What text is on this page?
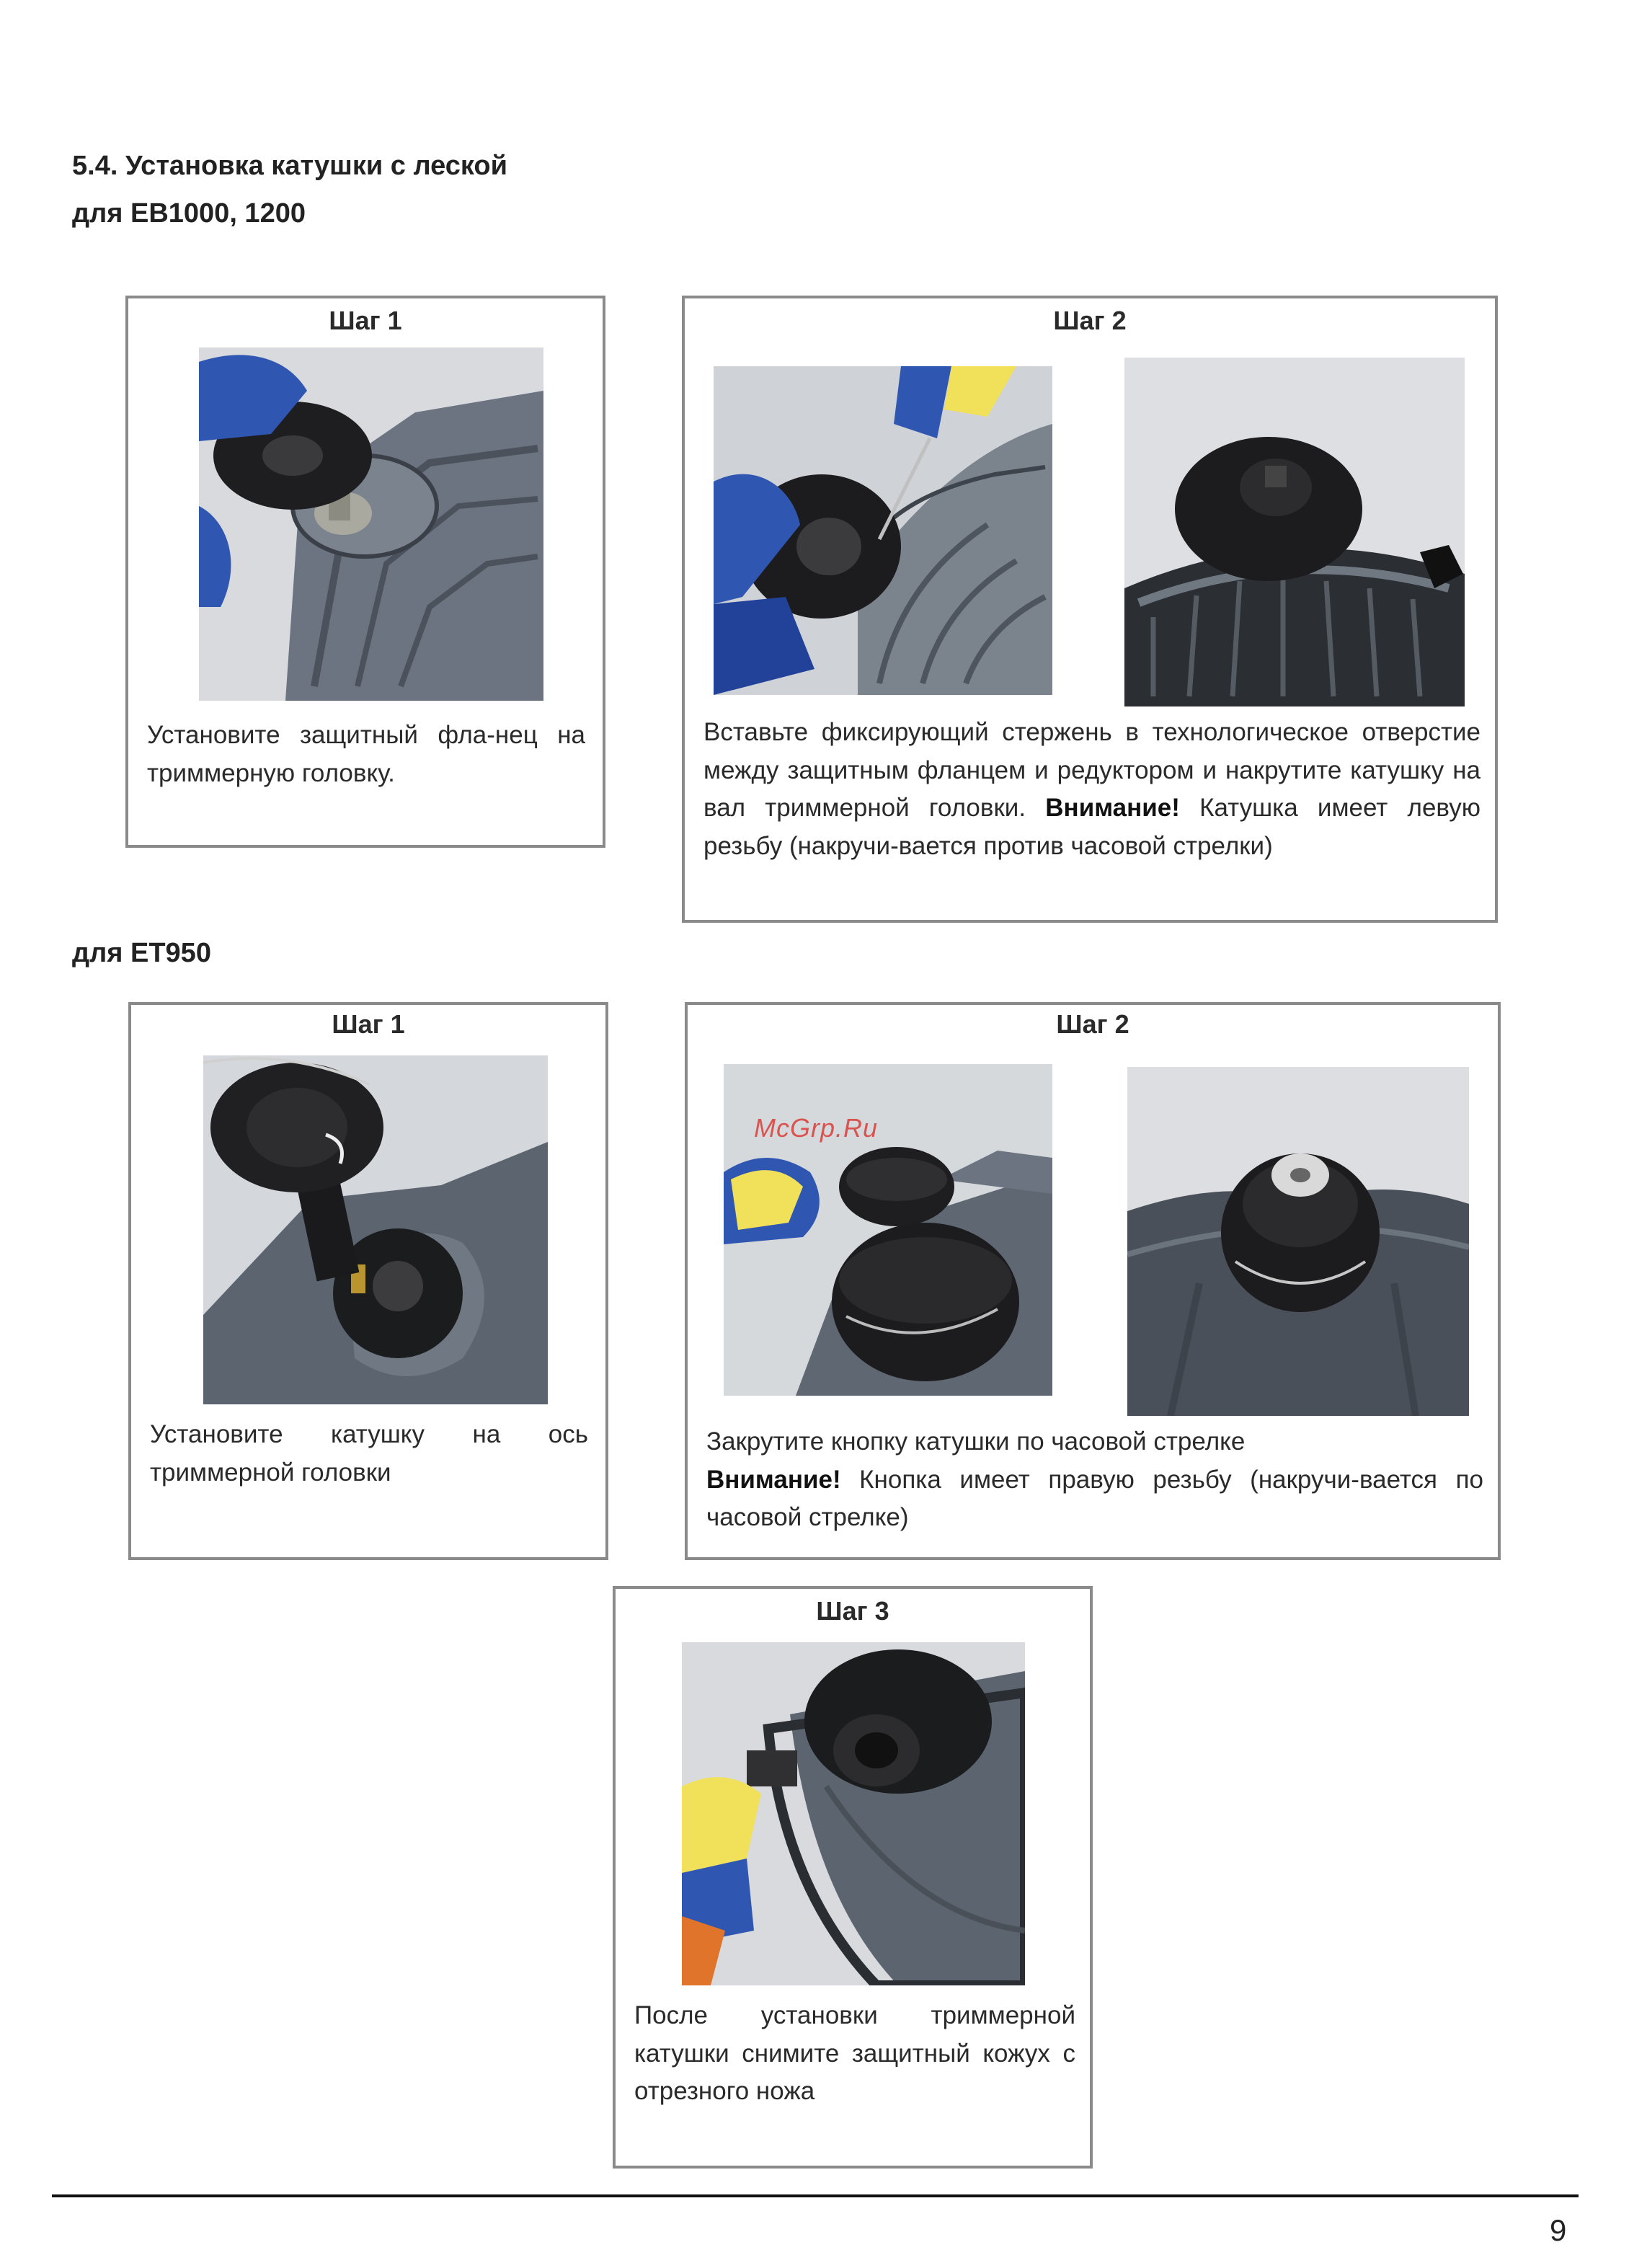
5.4. Установка катушки с леской
для ЕВ1000, 1200
для ЕТ950
Шаг 1
Установите защитный фла-нец на триммерную головку.
Шаг 2
Вставьте фиксирующий стержень в технологическое отверстие между защитным фланцем и редуктором и накрутите катушку на вал триммерной головки. Внимание! Катушка имеет левую резьбу (накручи-вается против часовой стрелки)
Шаг 1
Установите катушку на ось триммерной головки
Шаг 2
McGrp.Ru
Закрутите кнопку катушки по часовой стрелке
Внимание! Кнопка имеет правую резьбу (накручи-вается по часовой стрелке)
Шаг 3
После установки триммерной катушки снимите защитный кожух с отрезного ножа
9
